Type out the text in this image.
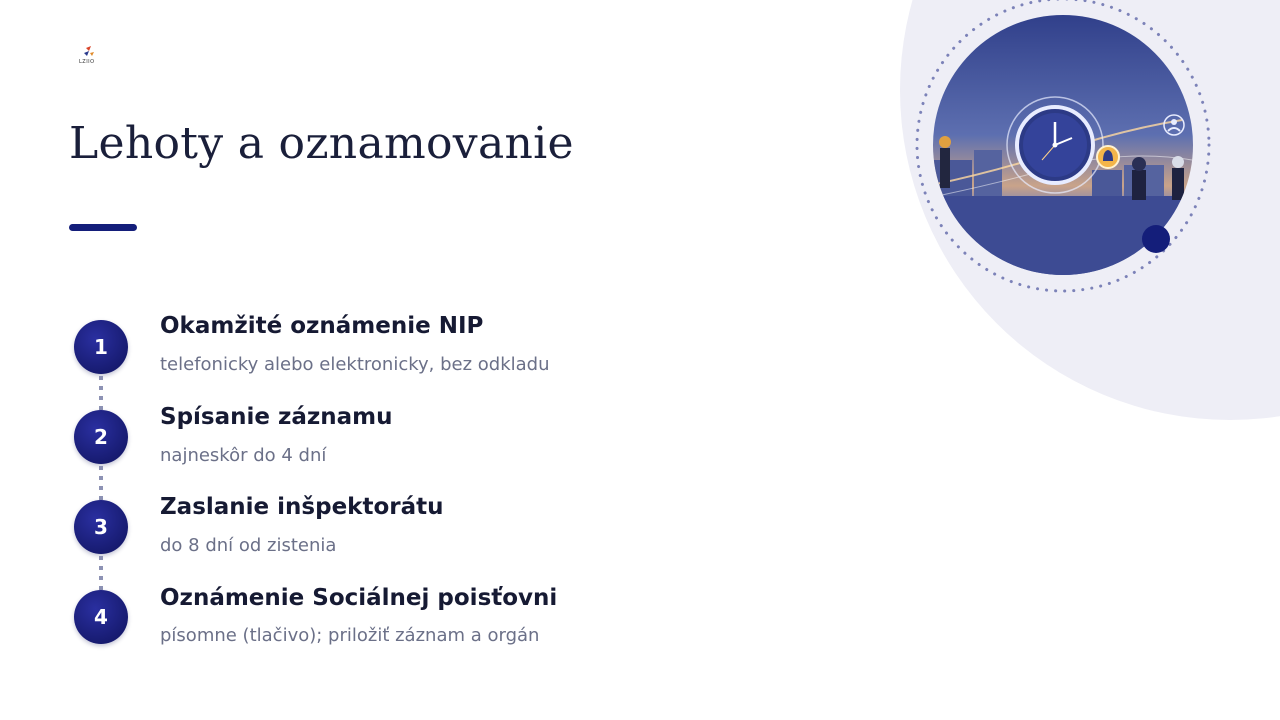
LZIIO
Lehoty a oznamovanie
1
Okamžité oznámenie NIP
telefonicky alebo elektronicky, bez odkladu
2
Spísanie záznamu
najneskôr do 4 dní
3
Zaslanie inšpektorátu
do 8 dní od zistenia
4
Oznámenie Sociálnej poisťovni
písomne (tlačivo); priložiť záznam a orgán
